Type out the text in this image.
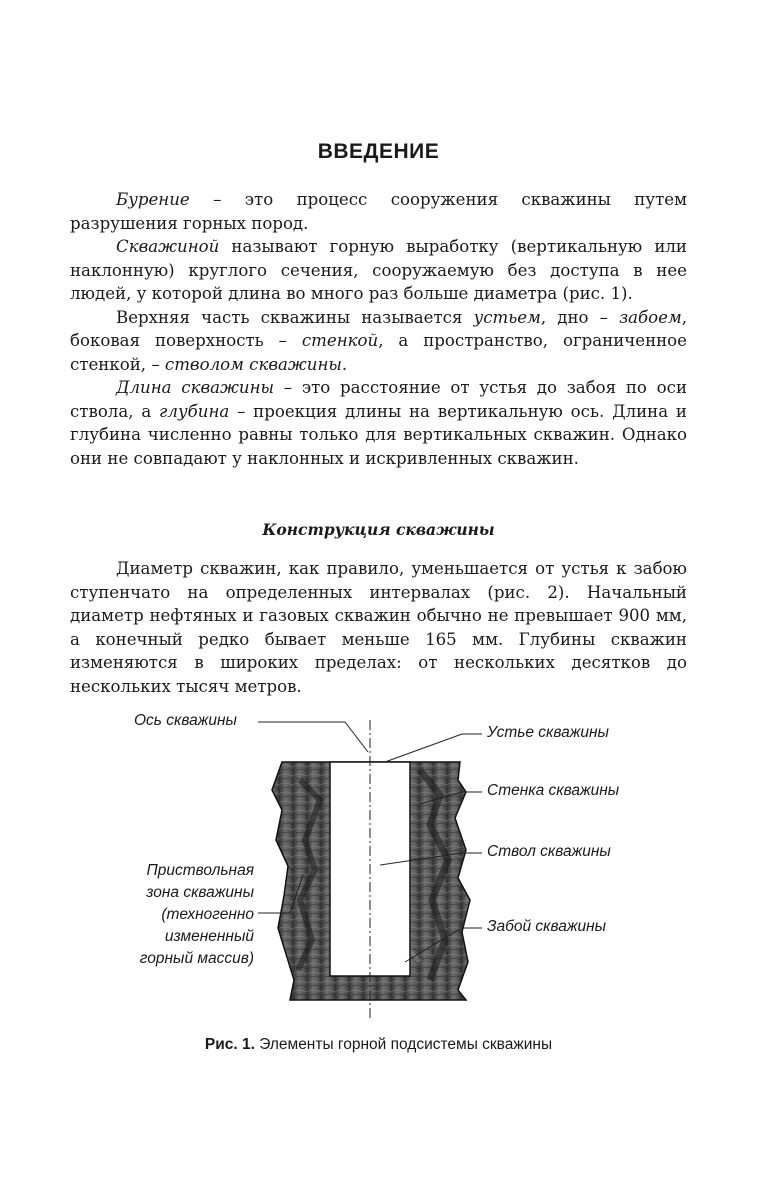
ВВЕДЕНИЕ

Бурение – это процесс сооружения скважины путем разрушения горных пород.

Скважиной называют горную выработку (вертикальную или наклонную) круглого сечения, сооружаемую без доступа в нее людей, у которой длина во много раз больше диаметра (рис. 1).

Верхняя часть скважины называется устьем, дно – забоем, боковая поверхность – стенкой, а пространство, ограниченное стенкой, – стволом скважины.

Длина скважины – это расстояние от устья до забоя по оси ствола, а глубина – проекция длины на вертикальную ось. Длина и глубина численно равны только для вертикальных скважин. Однако они не совпадают у наклонных и искривленных скважин.

Конструкция скважины

Диаметр скважин, как правило, уменьшается от устья к забою ступенчато на определенных интервалах (рис. 2). Начальный диаметр нефтяных и газовых скважин обычно не превышает 900 мм, а конечный редко бывает меньше 165 мм. Глубины скважин изменяются в широких пределах: от нескольких десятков до нескольких тысяч метров.

Ось скважины
Устье скважины
Стенка скважины
Ствол скважины
Забой скважины
Приствольная
зона скважины
(техногенно
измененный
горный массив)
Рис. 1. Элементы горной подсистемы скважины
